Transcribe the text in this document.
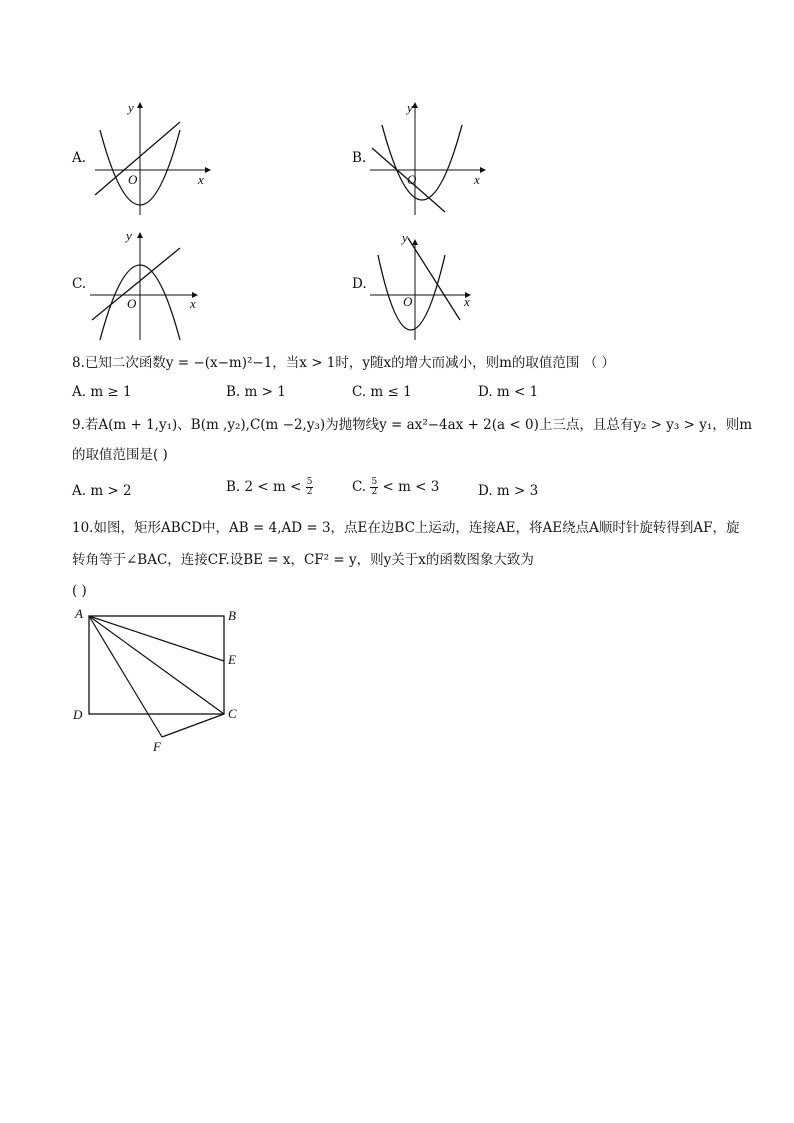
A.
x
y
O
B.
x
y
O
C.
x
y
O
D.
x
y
O
8.已知二次函数y = −(x−m)²−1，当x > 1时，y随x的增大而减小，则m的取值范围 （ ）
A. m ≥ 1	B. m > 1	C. m ≤ 1	D. m < 1
9.若A(m + 1,y₁)、B(m ,y₂),C(m −2,y₃)为抛物线y = ax²−4ax + 2(a < 0)上三点，且总有y₂ > y₃ > y₁，则m
的取值范围是( )
A. m > 2	B. $2 < m < \frac{5}{2}$	C. $\frac{5}{2} < m < 3$	D. m > 3
10.如图，矩形ABCD中，AB = 4,AD = 3，点E在边BC上运动，连接AE，将AE绕点A顺时针旋转得到AF，旋
转角等于∠BAC，连接CF.设BE = x，CF² = y，则y关于x的函数图象大致为
( )
A	B
E
C
D
F
